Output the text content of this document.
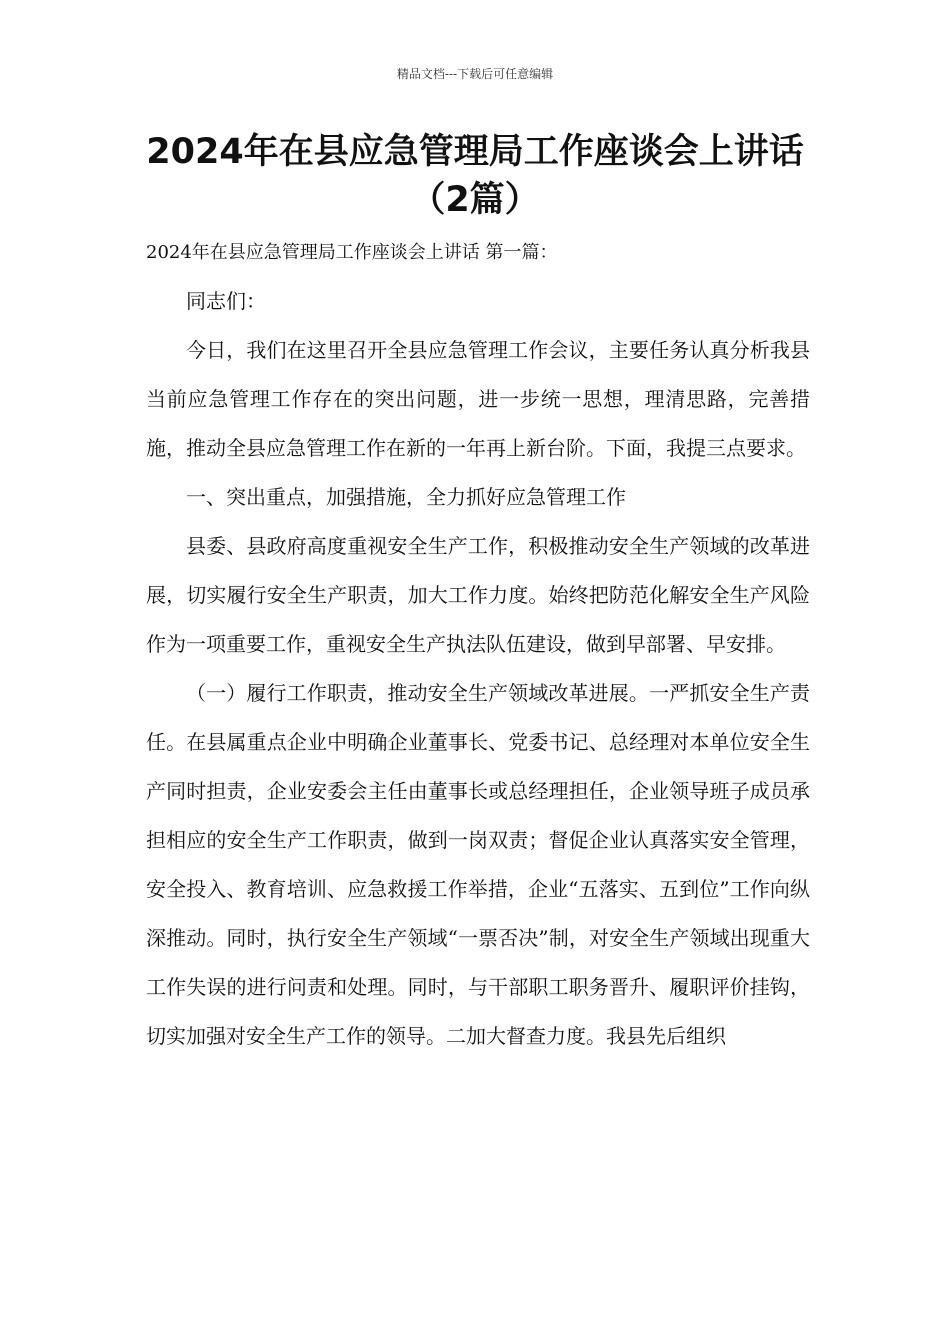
精品文档---下载后可任意编辑
2024年在县应急管理局工作座谈会上讲话（2篇）

2024年在县应急管理局工作座谈会上讲话 第一篇：

同志们：

今日，我们在这里召开全县应急管理工作会议，主要任务认真分析我县当前应急管理工作存在的突出问题，进一步统一思想，理清思路，完善措施，推动全县应急管理工作在新的一年再上新台阶。下面，我提三点要求。

一、突出重点，加强措施，全力抓好应急管理工作

县委、县政府高度重视安全生产工作，积极推动安全生产领域的改革进展，切实履行安全生产职责，加大工作力度。始终把防范化解安全生产风险作为一项重要工作，重视安全生产执法队伍建设，做到早部署、早安排。

（一）履行工作职责，推动安全生产领域改革进展。一严抓安全生产责任。在县属重点企业中明确企业董事长、党委书记、总经理对本单位安全生产同时担责，企业安委会主任由董事长或总经理担任，企业领导班子成员承担相应的安全生产工作职责，做到一岗双责；督促企业认真落实安全管理，安全投入、教育培训、应急救援工作举措，企业“五落实、五到位”工作向纵深推动。同时，执行安全生产领域“一票否决”制，对安全生产领域出现重大工作失误的进行问责和处理。同时，与干部职工职务晋升、履职评价挂钩，切实加强对安全生产工作的领导。二加大督查力度。我县先后组织
